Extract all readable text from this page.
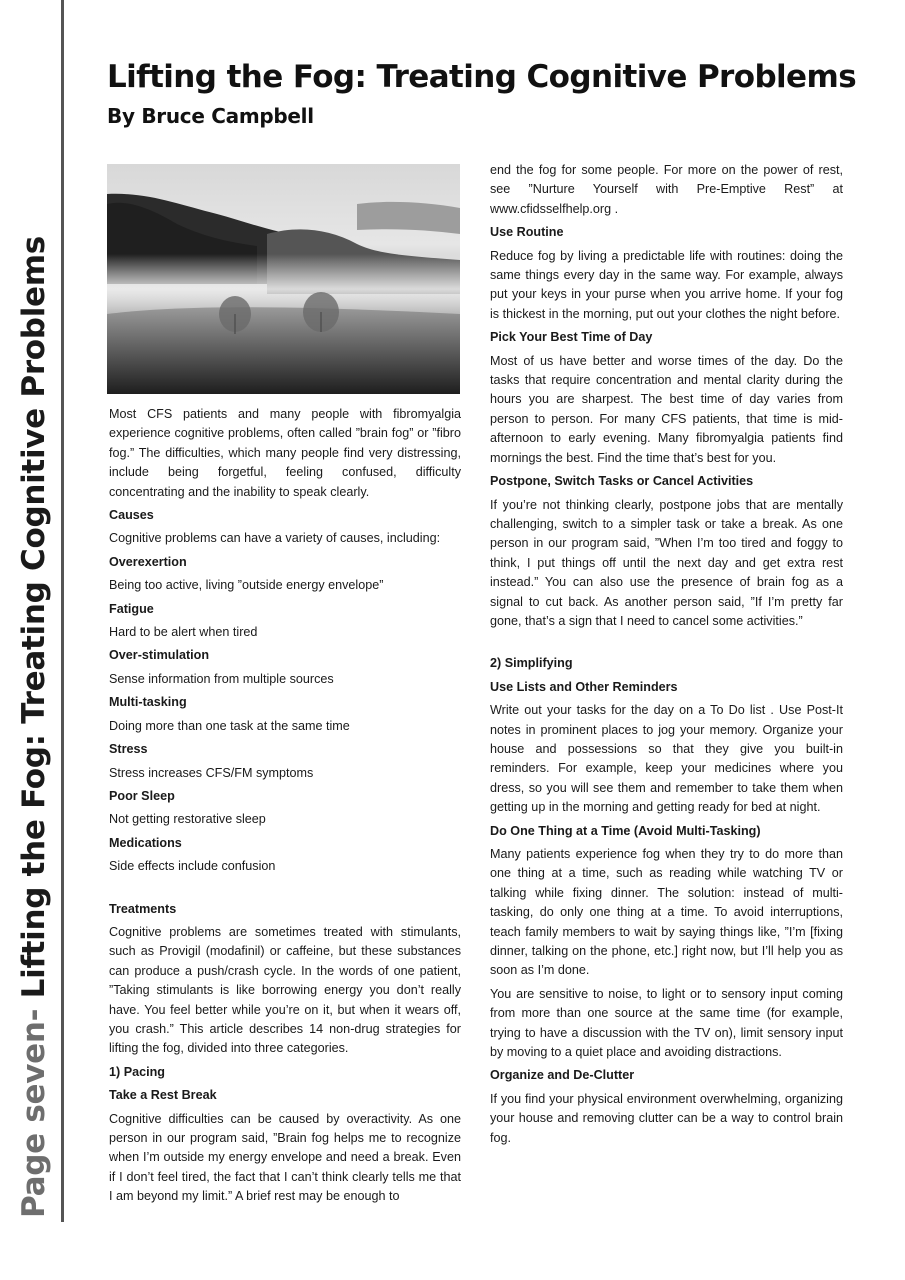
Page seven- Lifting the Fog: Treating Cognitive Problems
Lifting the Fog: Treating Cognitive Problems
By Bruce Campbell

Most CFS patients and many people with fibromyalgia experience cognitive problems, often called ”brain fog” or ”fibro fog.” The difficulties, which many people find very distressing, include being forgetful, feeling confused, difficulty concentrating and the inability to speak clearly.

Causes

Cognitive problems can have a variety of causes, including:

Overexertion

Being too active, living ”outside energy envelope”

Fatigue

Hard to be alert when tired

Over-stimulation

Sense information from multiple sources

Multi-tasking

Doing more than one task at the same time

Stress

Stress increases CFS/FM symptoms

Poor Sleep

Not getting restorative sleep

Medications

Side effects include confusion

Treatments

Cognitive problems are sometimes treated with stimulants, such as Provigil (modafinil) or caffeine, but these substances can produce a push/crash cycle. In the words of one patient, ”Taking stimulants is like borrowing energy you don’t really have. You feel better while you’re on it, but when it wears off, you crash.” This article describes 14 non-drug strategies for lifting the fog, divided into three categories.

1) Pacing
Take a Rest Break

Cognitive difficulties can be caused by overactivity. As one person in our program said, ”Brain fog helps me to recognize when I’m outside my energy envelope and need a break. Even if I don’t feel tired, the fact that I can’t think clearly tells me that I am beyond my limit.” A brief rest may be enough to

end the fog for some people. For more on the power of rest, see ”Nurture Yourself with Pre-Emptive Rest” at www.cfidsselfhelp.org .

Use Routine

Reduce fog by living a predictable life with routines: doing the same things every day in the same way. For example, always put your keys in your purse when you arrive home. If your fog is thickest in the morning, put out your clothes the night before.

Pick Your Best Time of Day

Most of us have better and worse times of the day. Do the tasks that require concentration and mental clarity during the hours you are sharpest. The best time of day varies from person to person. For many CFS patients, that time is mid-afternoon to early evening. Many fibromyalgia patients find mornings the best. Find the time that’s best for you.

Postpone, Switch Tasks or Cancel Activities

If you’re not thinking clearly, postpone jobs that are mentally challenging, switch to a simpler task or take a break. As one person in our program said, ”When I’m too tired and foggy to think, I put things off until the next day and get extra rest instead.” You can also use the presence of brain fog as a signal to cut back. As another person said, ”If I’m pretty far gone, that’s a sign that I need to cancel some activities.”

2) Simplifying
Use Lists and Other Reminders

Write out your tasks for the day on a To Do list . Use Post-It notes in prominent places to jog your memory. Organize your house and possessions so that they give you built-in reminders. For example, keep your medicines where you dress, so you will see them and remember to take them when getting up in the morning and getting ready for bed at night.

Do One Thing at a Time (Avoid Multi-Tasking)

Many patients experience fog when they try to do more than one thing at a time, such as reading while watching TV or talking while fixing dinner. The solution: instead of multi-tasking, do only one thing at a time. To avoid interruptions, teach family members to wait by saying things like, ”I’m [fixing dinner, talking on the phone, etc.] right now, but I’ll help you as soon as I’m done.

You are sensitive to noise, to light or to sensory input coming from more than one source at the same time (for example, trying to have a discussion with the TV on), limit sensory input by moving to a quiet place and avoiding distractions.

Organize and De-Clutter

If you find your physical environment overwhelming, organizing your house and removing clutter can be a way to control brain fog.
